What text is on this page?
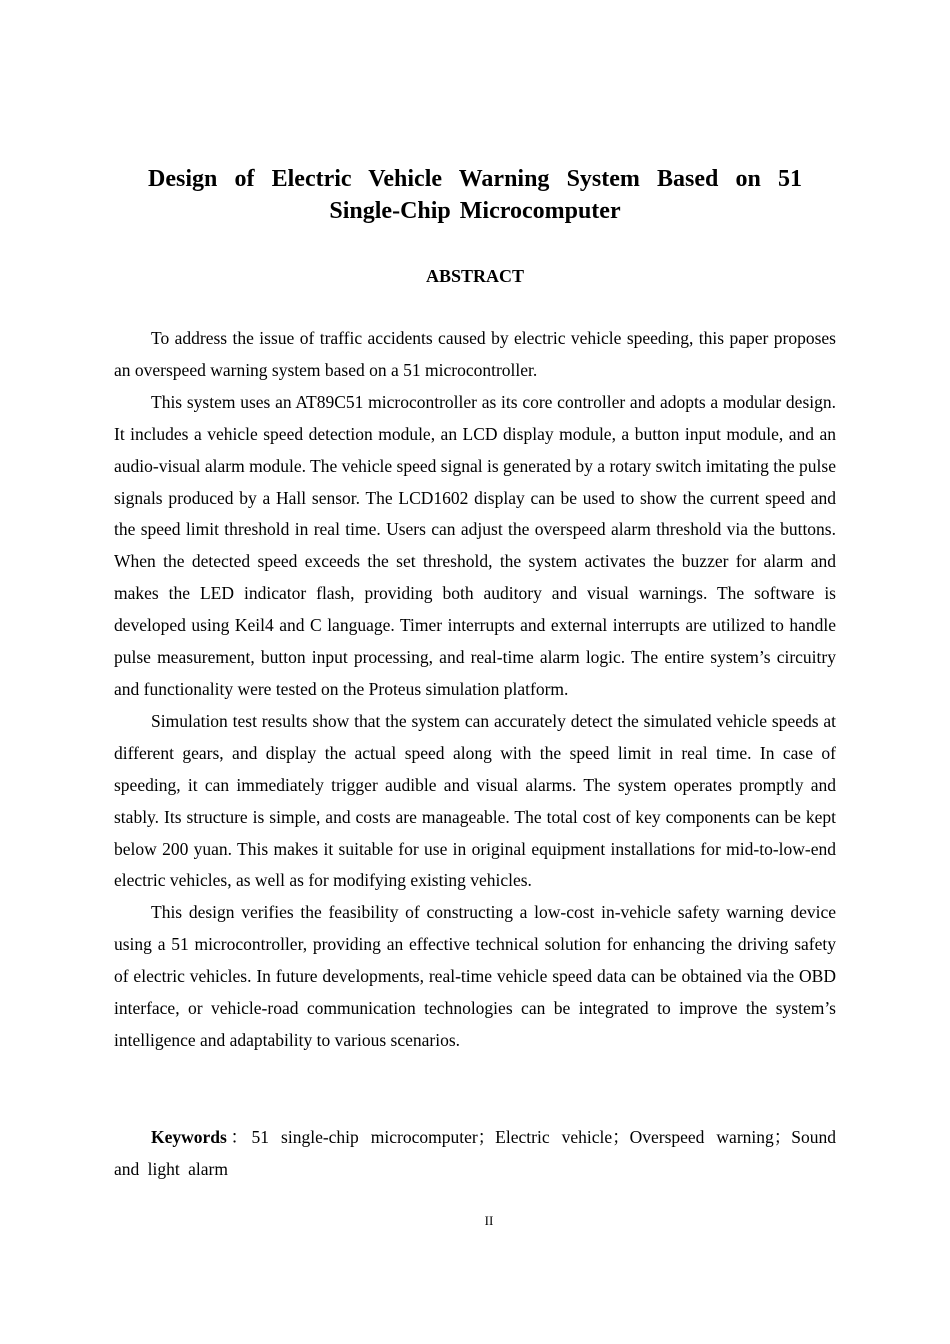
Design of Electric Vehicle Warning System Based on 51 Single-Chip Microcomputer
ABSTRACT

To address the issue of traffic accidents caused by electric vehicle speeding, this paper proposes an overspeed warning system based on a 51 microcontroller.

This system uses an AT89C51 microcontroller as its core controller and adopts a modular design. It includes a vehicle speed detection module, an LCD display module, a button input module, and an audio-visual alarm module. The vehicle speed signal is generated by a rotary switch imitating the pulse signals produced by a Hall sensor. The LCD1602 display can be used to show the current speed and the speed limit threshold in real time. Users can adjust the overspeed alarm threshold via the buttons. When the detected speed exceeds the set threshold, the system activates the buzzer for alarm and makes the LED indicator flash, providing both auditory and visual warnings. The software is developed using Keil4 and C language. Timer interrupts and external interrupts are utilized to handle pulse measurement, button input processing, and real-time alarm logic. The entire system’s circuitry and functionality were tested on the Proteus simulation platform.

Simulation test results show that the system can accurately detect the simulated vehicle speeds at different gears, and display the actual speed along with the speed limit in real time. In case of speeding, it can immediately trigger audible and visual alarms. The system operates promptly and stably. Its structure is simple, and costs are manageable. The total cost of key components can be kept below 200 yuan. This makes it suitable for use in original equipment installations for mid-to-low-end electric vehicles, as well as for modifying existing vehicles.

This design verifies the feasibility of constructing a low-cost in-vehicle safety warning device using a 51 microcontroller, providing an effective technical solution for enhancing the driving safety of electric vehicles. In future developments, real-time vehicle speed data can be obtained via the OBD interface, or vehicle-road communication technologies can be integrated to improve the system’s intelligence and adaptability to various scenarios.

Keywords：51 single-chip microcomputer；Electric vehicle；Overspeed warning；Sound and light alarm

II
